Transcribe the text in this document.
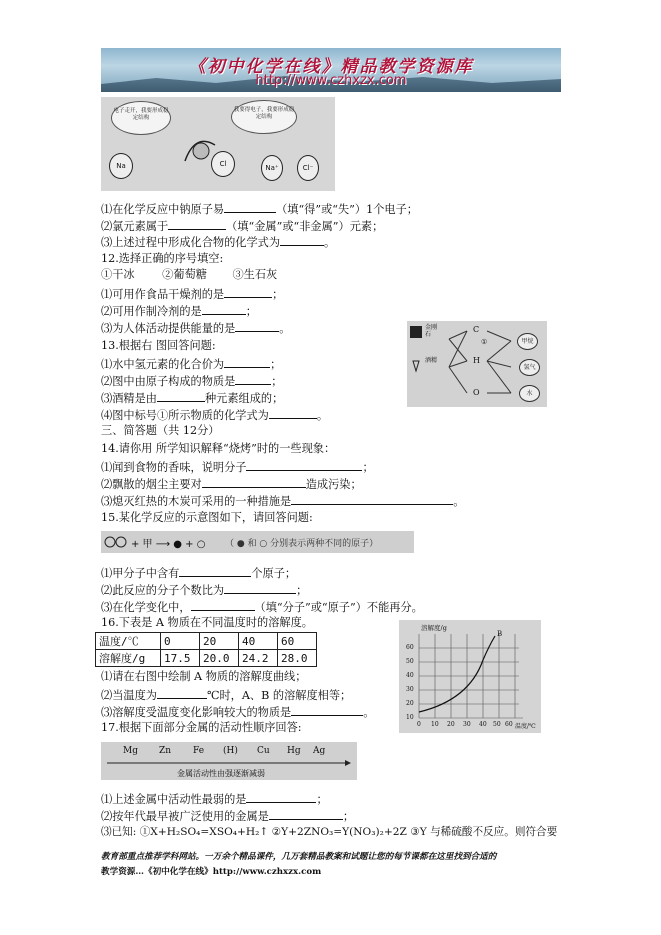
《初中化学在线》精品教学资源库
http://www.czhxzx.com
电子走开，我要形成稳定结构
我要得电子，我要形成稳定结构
Na	Cl	Na⁺	Cl⁻
⑴在化学反应中钠原子易	（填“得”或“失”）1个电子；
⑵氯元素属于	（填“金属”或“非金属”）元素；
⑶上述过程中形成化合物的化学式为	。
12.选择正确的序号填空:
①干冰 ②葡萄糖 ③生石灰
⑴可用作食品干燥剂的是	；
⑵可用作制冷剂的是	；
⑶为人体活动提供能量的是	。	金刚石
酒精
C
H
O
①	甲烷
氢气
水
13.根据右 图回答问题:
⑴水中氢元素的化合价为	；
⑵图中由原子构成的物质是	；
⑶酒精是由	种元素组成的；
⑷图中标号①所示物质的化学式为	。
三、简答题（共 12分）
14.请你用 所学知识解释“烧烤”时的一些现象：
⑴闻到食物的香味，说明分子	；
⑵飘散的烟尘主要对	造成污染；
⑶熄灭红热的木炭可采用的一种措施是	。
15.某化学反应的示意图如下，请回答问题:
+ 甲 ⟶ ● + ○ （ ● 和 ○ 分别表示两种不同的原子）
⑴甲分子中含有	个原子；
⑵此反应的分子个数比为	；
⑶在化学变化中，	（填“分子”或“原子”）不能再分。
16.下表是 A 物质在不同温度时的溶解度。
温度/℃	0	20	40	60
溶解度/g	17.5	20.0	24.2	28.0
溶解度/g
B
60
50
40
30
20
10
0 10 20 30 40 50 60 温度/℃
⑴请在右图中绘制 A 物质的溶解度曲线；
⑵当温度为	℃时，A、B 的溶解度相等；
⑶溶解度受温度变化影响较大的物质是	。
17.根据下面部分金属的活动性顺序回答:
Mg Zn Fe (H) Cu Hg Ag
金属活动性由强逐渐减弱
⑴上述金属中活动性最弱的是	；
⑵按年代最早被广泛使用的金属是	；
⑶已知: ①X+H₂SO₄=XSO₄+H₂↑ ②Y+2ZNO₃=Y(NO₃)₂+2Z ③Y 与稀硫酸不反应。则符合要
教育部重点推荐学科网站。一万余个精品课件，几万套精品教案和试题让您的每节课都在这里找到合适的
教学资源…《初中化学在线》http://www.czhxzx.com
